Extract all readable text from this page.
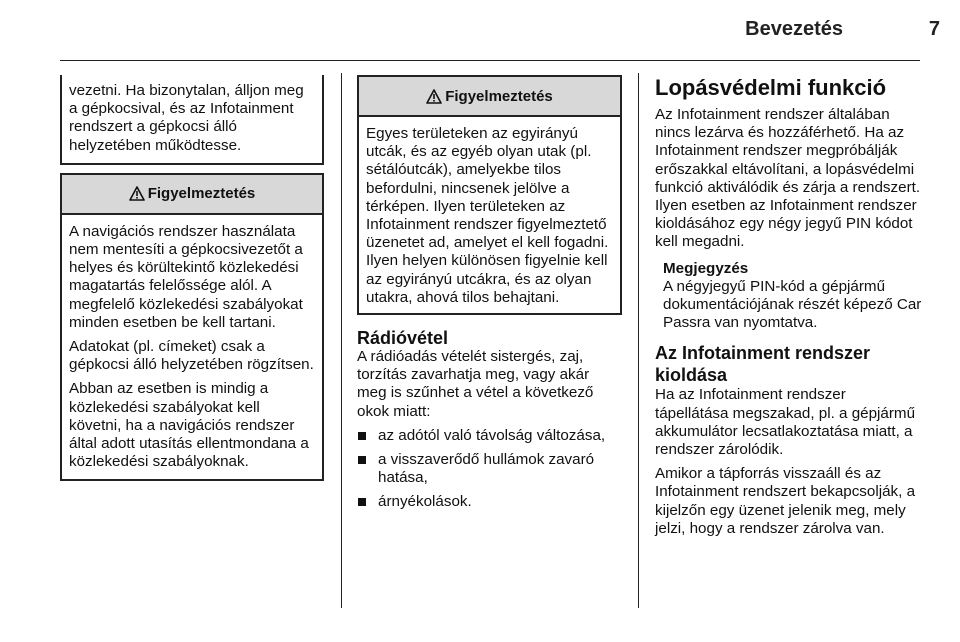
Bevezetés	7

vezetni. Ha bizonytalan, álljon meg a gépkocsival, és az Infotainment rendszert a gépkocsi álló helyzetében működtesse.

Figyelmeztetés

A navigációs rendszer használata nem mentesíti a gépkocsivezetőt a helyes és körültekintő közlekedési magatartás felelőssége alól. A megfelelő közlekedési szabályokat minden esetben be kell tartani.

Adatokat (pl. címeket) csak a gépkocsi álló helyzetében rögzítsen.

Abban az esetben is mindig a közlekedési szabályokat kell követni, ha a navigációs rendszer által adott utasítás ellentmondana a közlekedési szabályoknak.

Figyelmeztetés

Egyes területeken az egyirányú utcák, és az egyéb olyan utak (pl. sétálóutcák), amelyekbe tilos befordulni, nincsenek jelölve a térképen. Ilyen területeken az Infotainment rendszer figyelmeztető üzenetet ad, amelyet el kell fogadni. Ilyen helyen különösen figyelnie kell az egyirányú utcákra, és az olyan utakra, ahová tilos behajtani.

Rádióvétel

A rádióadás vételét sistergés, zaj, torzítás zavarhatja meg, vagy akár meg is szűnhet a vétel a következő okok miatt:

az adótól való távolság változása,
a visszaverődő hullámok zavaró hatása,
árnyékolások.
Lopásvédelmi funkció

Az Infotainment rendszer általában nincs lezárva és hozzáférhető. Ha az Infotainment rendszer megpróbálják erőszakkal eltávolítani, a lopásvédelmi funkció aktiválódik és zárja a rendszert. Ilyen esetben az Infotainment rendszer kioldásához egy négy jegyű PIN kódot kell megadni.

Megjegyzés

A négyjegyű PIN-kód a gépjármű dokumentációjának részét képező Car Passra van nyomtatva.

Az Infotainment rendszer kioldása

Ha az Infotainment rendszer tápellátása megszakad, pl. a gépjármű akkumulátor lecsatlakoztatása miatt, a rendszer zárolódik.

Amikor a tápforrás visszaáll és az Infotainment rendszert bekapcsolják, a kijelzőn egy üzenet jelenik meg, mely jelzi, hogy a rendszer zárolva van.
